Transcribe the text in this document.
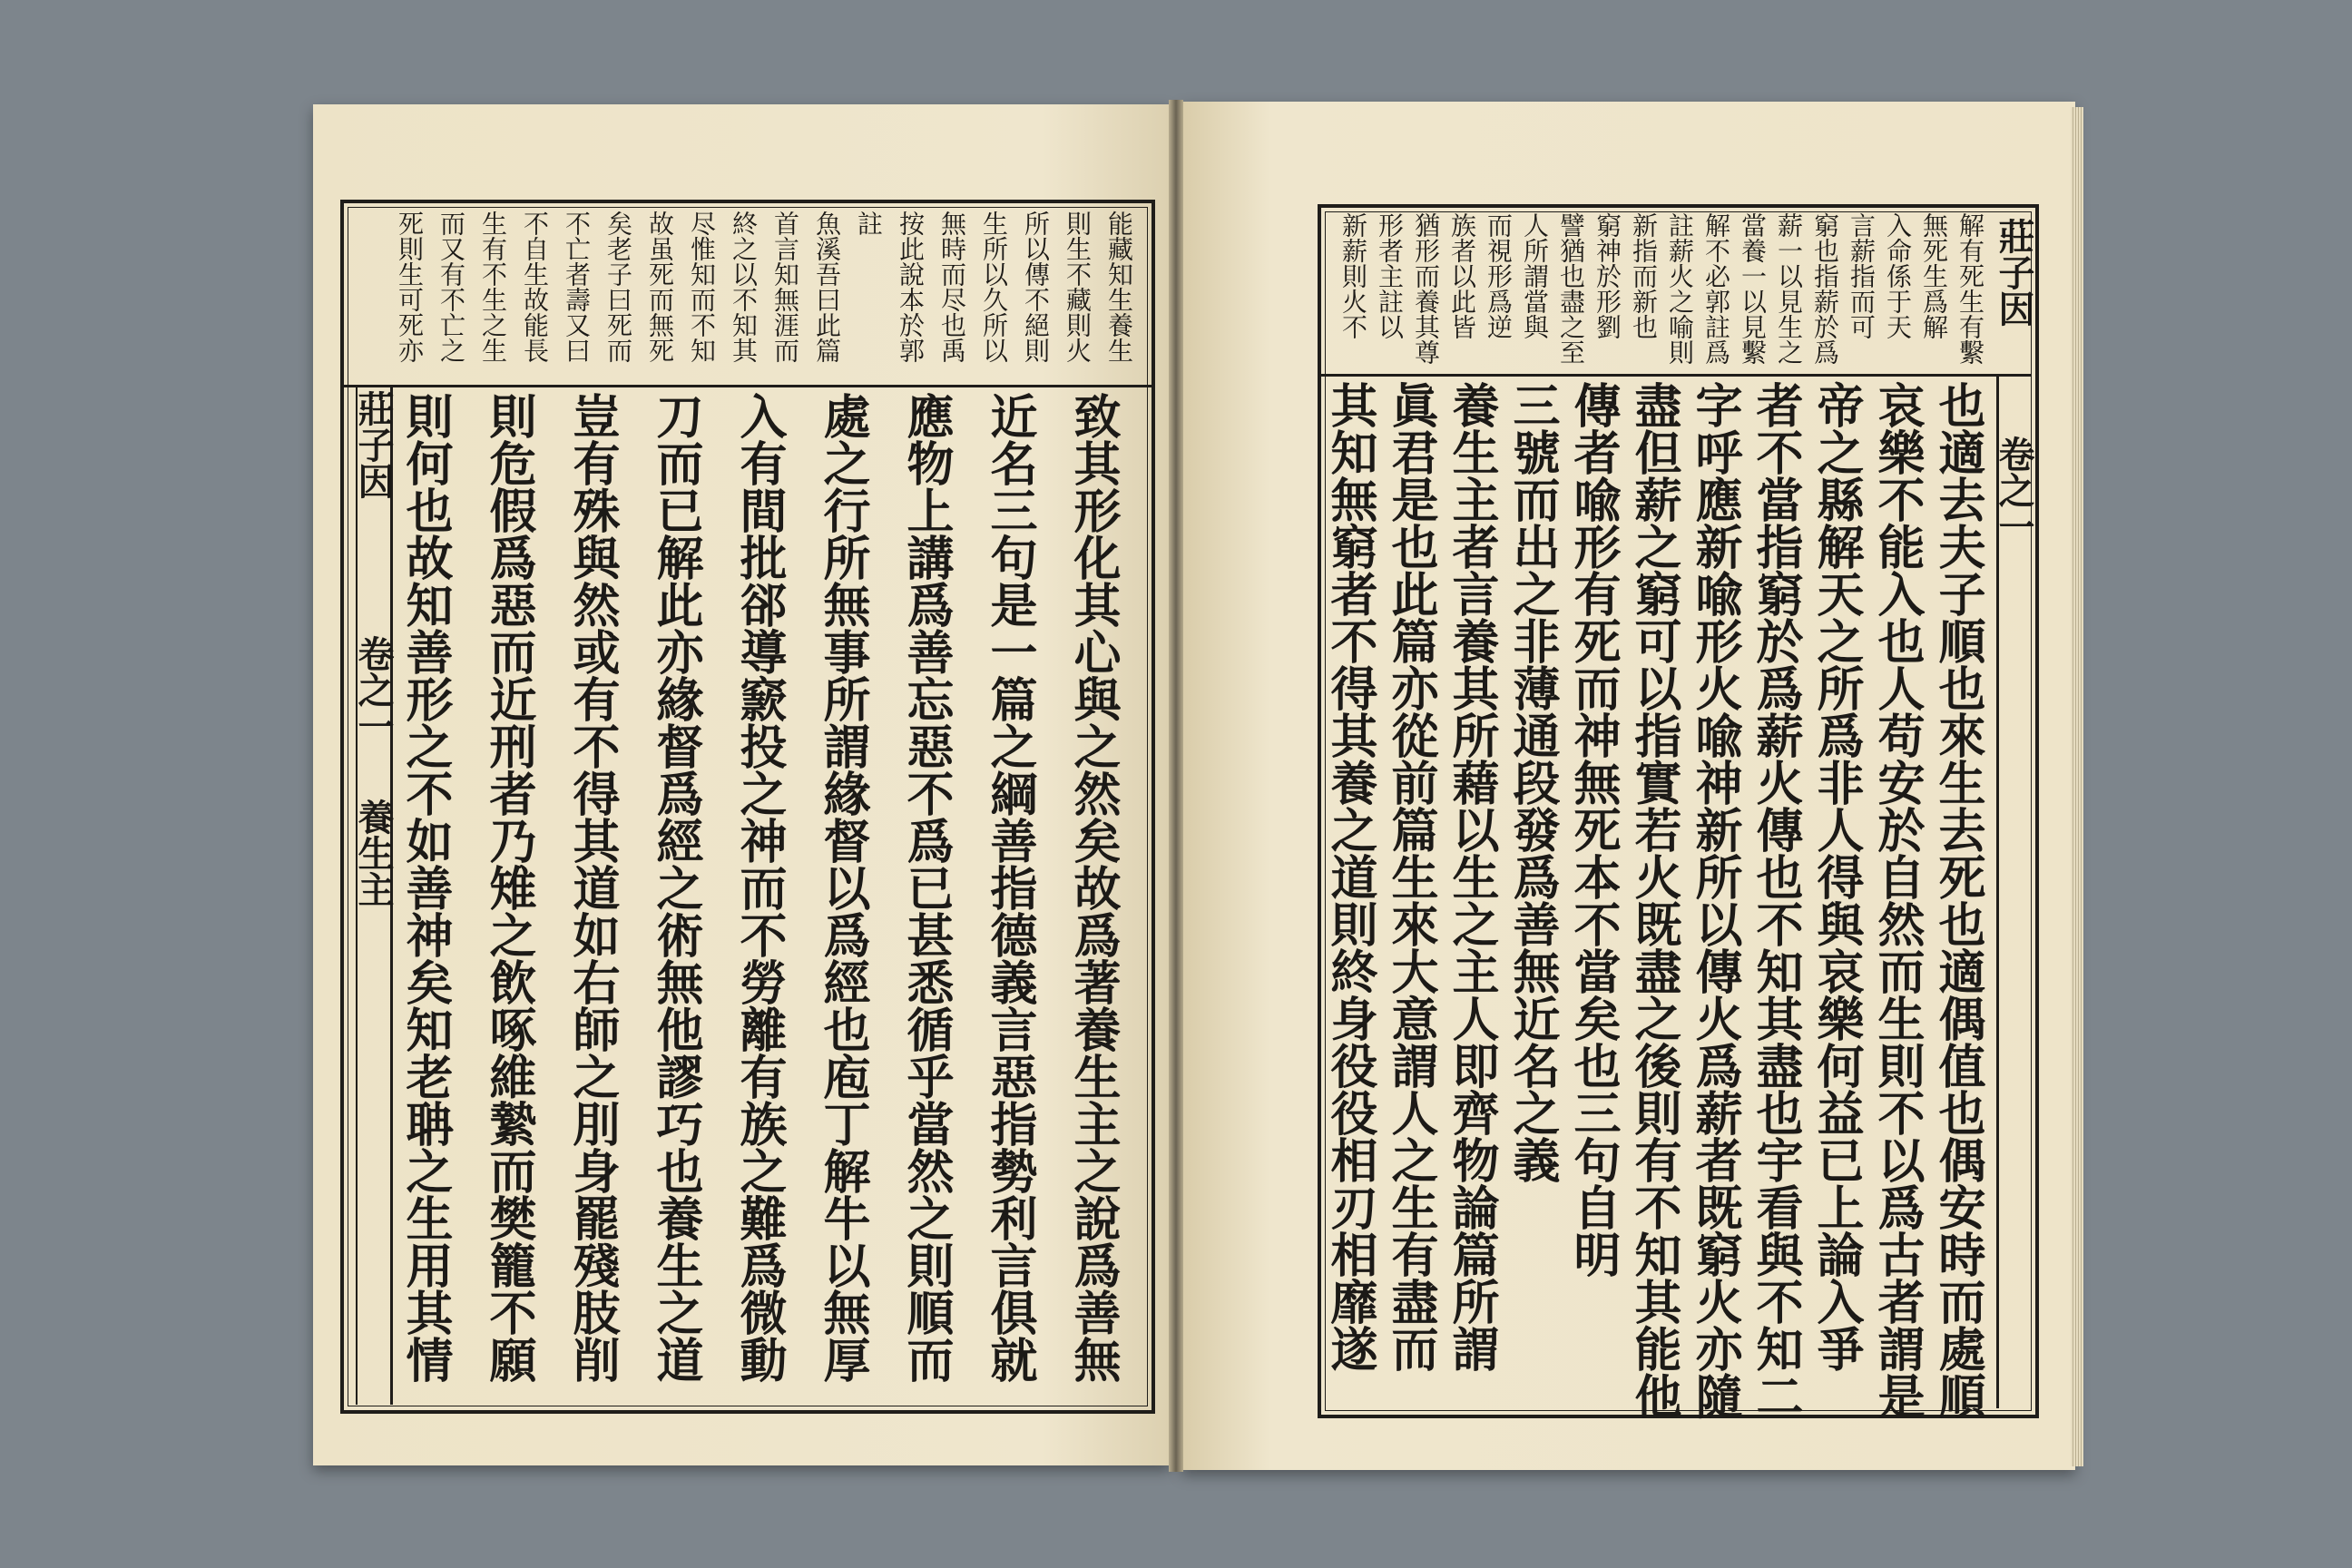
莊子因
卷之一
養生主
莊子因
卷之一
能藏知生養生
則生不藏則火
所以傳不絕則
生所以久所以
無時而尽也禹
按此說本於郭
註
魚溪吾曰此篇
首言知無涯而
終之以不知其
尽惟知而不知
故虽死而無死
矣老子曰死而
不亡者壽又曰
不自生故能長
生有不生之生
而又有不亡之
死則生可死亦
致其形化其心與之然矣故爲著養生主之說爲善無
近名三句是一篇之綱善指德義言惡指勢利言俱就
應物上講爲善忘惡不爲已甚悉循乎當然之則順而
處之行所無事所謂緣督以爲經也庖丁解牛以無厚
入有間批郤導窾投之神而不勞離有族之難爲微動
刀而已解此亦緣督爲經之術無他謬巧也養生之道
豈有殊與然或有不得其道如右師之刖身罷殘肢削
則危假爲惡而近刑者乃雉之飲啄維縶而樊籠不願
則何也故知善形之不如善神矣知老聃之生用其情
解有死生有繫
無死生爲解
入命係于天
言薪指而可
窮也指薪於爲
薪一以見生之
當養一以見繫
解不必郭註爲
註薪火之喻則
新指而新也
窮神於形劉
譬猶也盡之至
人所謂當與
而視形爲逆
族者以此皆
猶形而養其尊
形者主註以
新薪則火不
也適去夫子順也來生去死也適偶值也偶安時而處順
哀樂不能入也人苟安於自然而生則不以爲古者謂是
帝之縣解天之所爲非人得與哀樂何益已上論入爭
者不當指窮於爲薪火傳也不知其盡也宇看與不知二
字呼應新喩形火喩神新所以傳火爲薪者既窮火亦隨
盡但薪之窮可以指實若火既盡之後則有不知其能他
傳者喩形有死而神無死本不當矣也三句自明
三號而出之非薄通段發爲善無近名之義
養生主者言養其所藉以生之主人即齊物論篇所謂
眞君是也此篇亦從前篇生來大意謂人之生有盡而
其知無窮者不得其養之道則終身役役相刃相靡遂
